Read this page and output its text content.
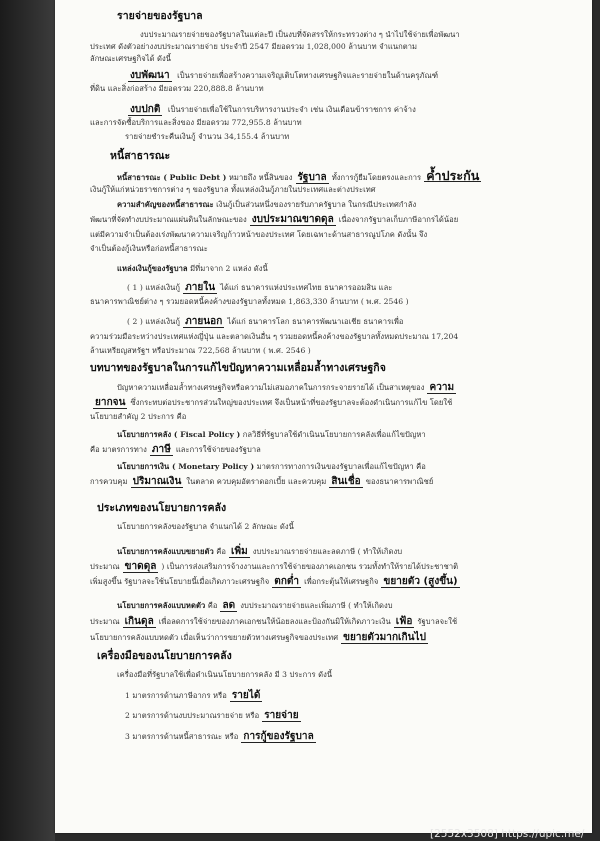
รายจ่ายของรัฐบาล
งบประมาณรายจ่ายของรัฐบาลในแต่ละปี เป็นงบที่จัดสรรให้กระทรวงต่าง ๆ นำไปใช้จ่ายเพื่อพัฒนา
ประเทศ ดังตัวอย่างงบประมาณรายจ่าย ประจำปี 2547 มียอดรวม 1,028,000 ล้านบาท จำแนกตาม
ลักษณะเศรษฐกิจได้ ดังนี้
งบพัฒนา เป็นรายจ่ายเพื่อสร้างความเจริญเติบโตทางเศรษฐกิจและรายจ่ายในด้านครุภัณฑ์
ที่ดิน และสิ่งก่อสร้าง มียอดรวม 220,888.8 ล้านบาท
งบปกติ เป็นรายจ่ายเพื่อใช้ในการบริหารงานประจำ เช่น เงินเดือนข้าราชการ ค่าจ้าง
และการจัดซื้อบริการและสิ่งของ มียอดรวม 772,955.8 ล้านบาท
รายจ่ายชำระคืนเงินกู้ จำนวน 34,155.4 ล้านบาท
หนี้สาธารณะ
หนี้สาธารณะ ( Public Debt ) หมายถึง หนี้สินของ รัฐบาล ทั้งการกู้ยืมโดยตรงและการ ค้ำประกัน
เงินกู้ให้แก่หน่วยราชการต่าง ๆ ของรัฐบาล ทั้งแหล่งเงินกู้ภายในประเทศและต่างประเทศ
ความสำคัญของหนี้สาธารณะ เงินกู้เป็นส่วนหนึ่งของรายรับภาครัฐบาล ในกรณีประเทศกำลัง
พัฒนาที่จัดทำงบประมาณแผ่นดินในลักษณะของ งบประมาณขาดดุล เนื่องจากรัฐบาลเก็บภาษีอากรได้น้อย
แต่มีความจำเป็นต้องเร่งพัฒนาความเจริญก้าวหน้าของประเทศ โดยเฉพาะด้านสาธารณูปโภค ดังนั้น จึง
จำเป็นต้องกู้เงินหรือก่อหนี้สาธารณะ
แหล่งเงินกู้ของรัฐบาล มีที่มาจาก 2 แหล่ง ดังนี้
( 1 ) แหล่งเงินกู้ ภายใน ได้แก่ ธนาคารแห่งประเทศไทย ธนาคารออมสิน และ
ธนาคารพาณิชย์ต่าง ๆ รวมยอดหนี้คงค้างของรัฐบาลทั้งหมด 1,863,330 ล้านบาท ( พ.ศ. 2546 )
( 2 ) แหล่งเงินกู้ ภายนอก ได้แก่ ธนาคารโลก ธนาคารพัฒนาเอเชีย ธนาคารเพื่อ
ความร่วมมือระหว่างประเทศแห่งญี่ปุ่น และตลาดเงินอื่น ๆ รวมยอดหนี้คงค้างของรัฐบาลทั้งหมดประมาณ 17,204
ล้านเหรียญสหรัฐฯ หรือประมาณ 722,568 ล้านบาท ( พ.ศ. 2546 )
บทบาทของรัฐบาลในการแก้ไขปัญหาความเหลื่อมล้ำทางเศรษฐกิจ
ปัญหาความเหลื่อมล้ำทางเศรษฐกิจหรือความไม่เสมอภาคในการกระจายรายได้ เป็นสาเหตุของ ความ
ยากจน ซึ่งกระทบต่อประชากรส่วนใหญ่ของประเทศ จึงเป็นหน้าที่ของรัฐบาลจะต้องดำเนินการแก้ไข โดยใช้
นโยบายสำคัญ 2 ประการ คือ
นโยบายการคลัง ( Fiscal Policy ) กลวิธีที่รัฐบาลใช้ดำเนินนโยบายการคลังเพื่อแก้ไขปัญหา
คือ มาตรการทาง ภาษี และการใช้จ่ายของรัฐบาล
นโยบายการเงิน ( Monetary Policy ) มาตรการทางการเงินของรัฐบาลเพื่อแก้ไขปัญหา คือ
การควบคุม ปริมาณเงิน ในตลาด ควบคุมอัตราดอกเบี้ย และควบคุม สินเชื่อ ของธนาคารพาณิชย์
ประเภทของนโยบายการคลัง
นโยบายการคลังของรัฐบาล จำแนกได้ 2 ลักษณะ ดังนี้
นโยบายการคลังแบบขยายตัว คือ เพิ่ม งบประมาณรายจ่ายและลดภาษี ( ทำให้เกิดงบ
ประมาณ ขาดดุล ) เป็นการส่งเสริมการจ้างงานและการใช้จ่ายของภาคเอกชน รวมทั้งทำให้รายได้ประชาชาติ
เพิ่มสูงขึ้น รัฐบาลจะใช้นโยบายนี้เมื่อเกิดภาวะเศรษฐกิจ ตกต่ำ เพื่อกระตุ้นให้เศรษฐกิจ ขยายตัว (สูงขึ้น)
นโยบายการคลังแบบหดตัว คือ ลด งบประมาณรายจ่ายและเพิ่มภาษี ( ทำให้เกิดงบ
ประมาณ เกินดุล เพื่อลดการใช้จ่ายของภาคเอกชนให้น้อยลงและป้องกันมิให้เกิดภาวะเงิน เฟ้อ รัฐบาลจะใช้
นโยบายการคลังแบบหดตัว เมื่อเห็นว่าการขยายตัวทางเศรษฐกิจของประเทศ ขยายตัวมากเกินไป
เครื่องมือของนโยบายการคลัง
เครื่องมือที่รัฐบาลใช้เพื่อดำเนินนโยบายการคลัง มี 3 ประการ ดังนี้
1 มาตรการด้านภาษีอากร หรือ รายได้
2 มาตรการด้านงบประมาณรายจ่าย หรือ รายจ่าย
3 มาตรการด้านหนี้สาธารณะ หรือ การกู้ของรัฐบาล
[2552x3508] https://upic.me/
